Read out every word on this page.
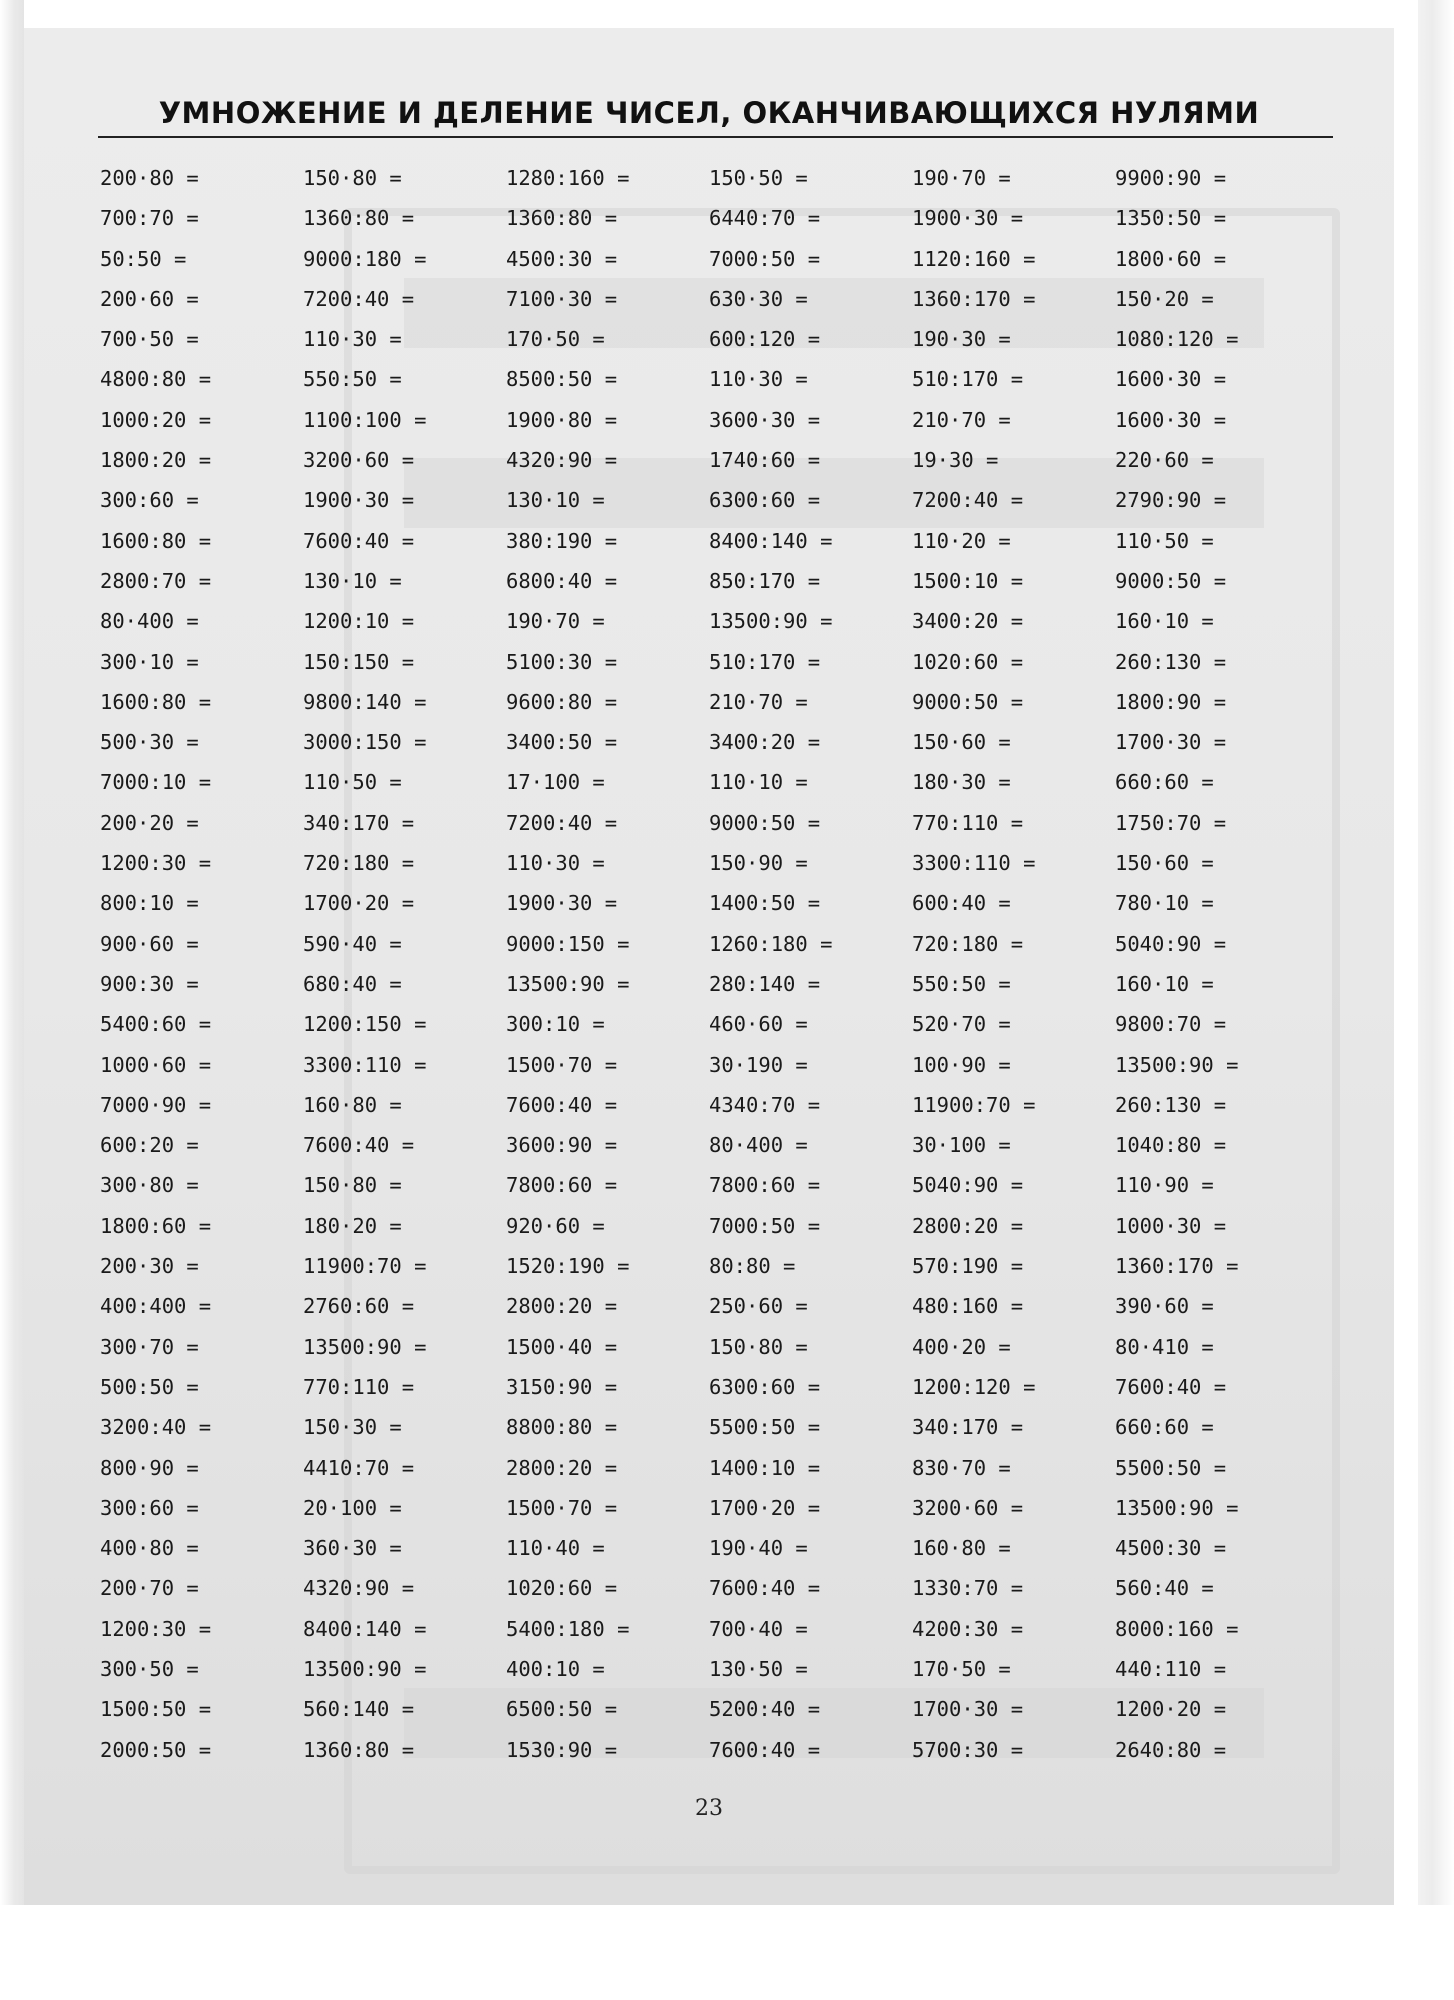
УМНОЖЕНИЕ И ДЕЛЕНИЕ ЧИСЕЛ, ОКАНЧИВАЮЩИХСЯ НУЛЯМИ
200·80 =	150·80 =	1280:160 =	150·50 =	190·70 =	9900:90 =
700:70 =	1360:80 =	1360:80 =	6440:70 =	1900·30 =	1350:50 =
50:50 =	9000:180 =	4500:30 =	7000:50 =	1120:160 =	1800·60 =
200·60 =	7200:40 =	7100·30 =	630·30 =	1360:170 =	150·20 =
700·50 =	110·30 =	170·50 =	600:120 =	190·30 =	1080:120 =
4800:80 =	550:50 =	8500:50 =	110·30 =	510:170 =	1600·30 =
1000:20 =	1100:100 =	1900·80 =	3600·30 =	210·70 =	1600·30 =
1800:20 =	3200·60 =	4320:90 =	1740:60 =	19·30 =	220·60 =
300:60 =	1900·30 =	130·10 =	6300:60 =	7200:40 =	2790:90 =
1600:80 =	7600:40 =	380:190 =	8400:140 =	110·20 =	110·50 =
2800:70 =	130·10 =	6800:40 =	850:170 =	1500:10 =	9000:50 =
80·400 =	1200:10 =	190·70 =	13500:90 =	3400:20 =	160·10 =
300·10 =	150:150 =	5100:30 =	510:170 =	1020:60 =	260:130 =
1600:80 =	9800:140 =	9600:80 =	210·70 =	9000:50 =	1800:90 =
500·30 =	3000:150 =	3400:50 =	3400:20 =	150·60 =	1700·30 =
7000:10 =	110·50 =	17·100 =	110·10 =	180·30 =	660:60 =
200·20 =	340:170 =	7200:40 =	9000:50 =	770:110 =	1750:70 =
1200:30 =	720:180 =	110·30 =	150·90 =	3300:110 =	150·60 =
800:10 =	1700·20 =	1900·30 =	1400:50 =	600:40 =	780·10 =
900·60 =	590·40 =	9000:150 =	1260:180 =	720:180 =	5040:90 =
900:30 =	680:40 =	13500:90 =	280:140 =	550:50 =	160·10 =
5400:60 =	1200:150 =	300:10 =	460·60 =	520·70 =	9800:70 =
1000·60 =	3300:110 =	1500·70 =	30·190 =	100·90 =	13500:90 =
7000·90 =	160·80 =	7600:40 =	4340:70 =	11900:70 =	260:130 =
600:20 =	7600:40 =	3600:90 =	80·400 =	30·100 =	1040:80 =
300·80 =	150·80 =	7800:60 =	7800:60 =	5040:90 =	110·90 =
1800:60 =	180·20 =	920·60 =	7000:50 =	2800:20 =	1000·30 =
200·30 =	11900:70 =	1520:190 =	80:80 =	570:190 =	1360:170 =
400:400 =	2760:60 =	2800:20 =	250·60 =	480:160 =	390·60 =
300·70 =	13500:90 =	1500·40 =	150·80 =	400·20 =	80·410 =
500:50 =	770:110 =	3150:90 =	6300:60 =	1200:120 =	7600:40 =
3200:40 =	150·30 =	8800:80 =	5500:50 =	340:170 =	660:60 =
800·90 =	4410:70 =	2800:20 =	1400:10 =	830·70 =	5500:50 =
300:60 =	20·100 =	1500·70 =	1700·20 =	3200·60 =	13500:90 =
400·80 =	360·30 =	110·40 =	190·40 =	160·80 =	4500:30 =
200·70 =	4320:90 =	1020:60 =	7600:40 =	1330:70 =	560:40 =
1200:30 =	8400:140 =	5400:180 =	700·40 =	4200:30 =	8000:160 =
300·50 =	13500:90 =	400:10 =	130·50 =	170·50 =	440:110 =
1500:50 =	560:140 =	6500:50 =	5200:40 =	1700·30 =	1200·20 =
2000:50 =	1360:80 =	1530:90 =	7600:40 =	5700:30 =	2640:80 =
23
